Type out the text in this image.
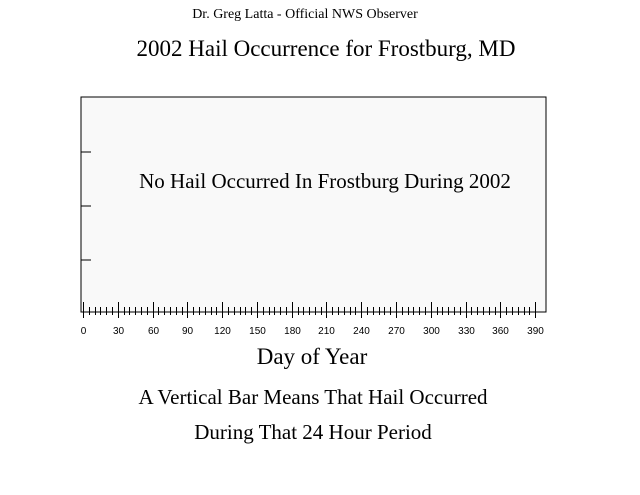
Dr. Greg Latta - Official NWS Observer
2002 Hail Occurrence for Frostburg, MD
0	30 60 90 120 150 180 210 240 270 300 330 360 390
No Hail Occurred In Frostburg During 2002
Day of Year
A Vertical Bar Means That Hail Occurred
During That 24 Hour Period
